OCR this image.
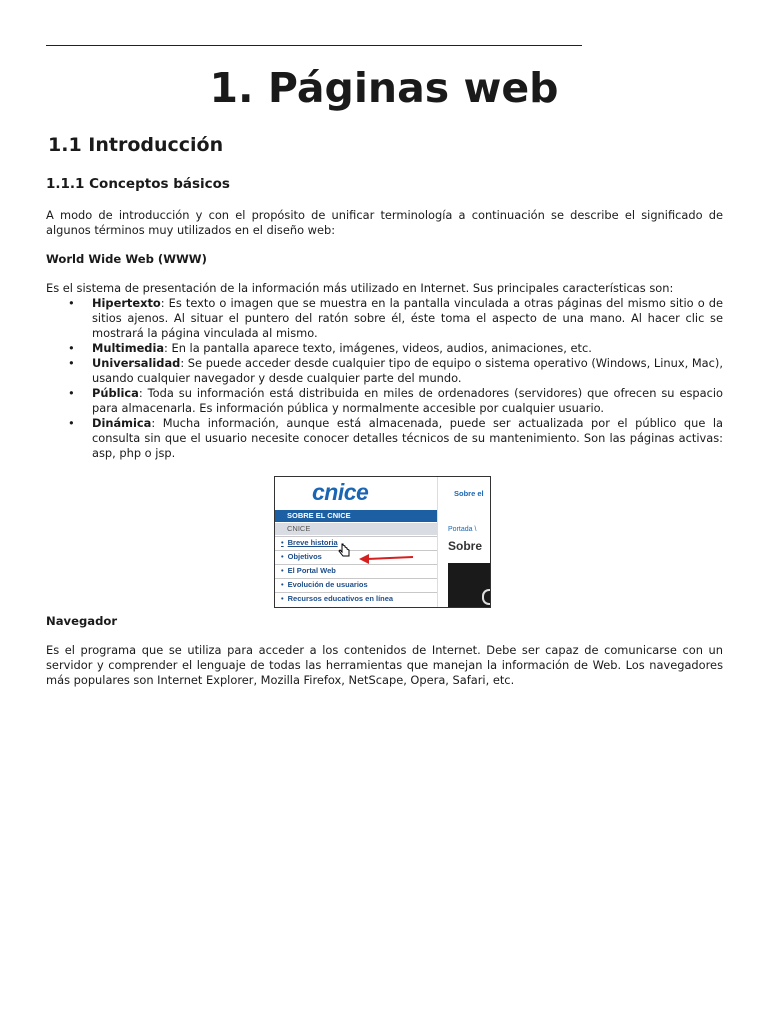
1. Páginas web
1.1 Introducción
1.1.1 Conceptos básicos

A modo de introducción y con el propósito de unificar terminología a continuación se describe el significado de algunos términos muy utilizados en el diseño web:

World Wide Web (WWW)

Es el sistema de presentación de la información más utilizado en Internet. Sus principales características son:

• Hipertexto: Es texto o imagen que se muestra en la pantalla vinculada a otras páginas del mismo sitio o de sitios ajenos. Al situar el puntero del ratón sobre él, éste toma el aspecto de una mano. Al hacer clic se mostrará la página vinculada al mismo.
• Multimedia: En la pantalla aparece texto, imágenes, videos, audios, animaciones, etc.
• Universalidad: Se puede acceder desde cualquier tipo de equipo o sistema operativo (Windows, Linux, Mac), usando cualquier navegador y desde cualquier parte del mundo.
• Pública: Toda su información está distribuida en miles de ordenadores (servidores) que ofrecen su espacio para almacenarla. Es información pública y normalmente accesible por cualquier usuario.
• Dinámica: Mucha información, aunque está almacenada, puede ser actualizada por el público que la consulta sin que el usuario necesite conocer detalles técnicos de su mantenimiento. Son las páginas activas: asp, php o jsp.
cnice
SOBRE EL CNICE
CNICE
• Breve historia
• Objetivos
• El Portal Web
• Evolución de usuarios
• Recursos educativos en línea
Sobre el
Portada \
Sobre

Navegador

Es el programa que se utiliza para acceder a los contenidos de Internet. Debe ser capaz de comunicarse con un servidor y comprender el lenguaje de todas las herramientas que manejan la información de Web. Los navegadores más populares son Internet Explorer, Mozilla Firefox, NetScape, Opera, Safari, etc.
